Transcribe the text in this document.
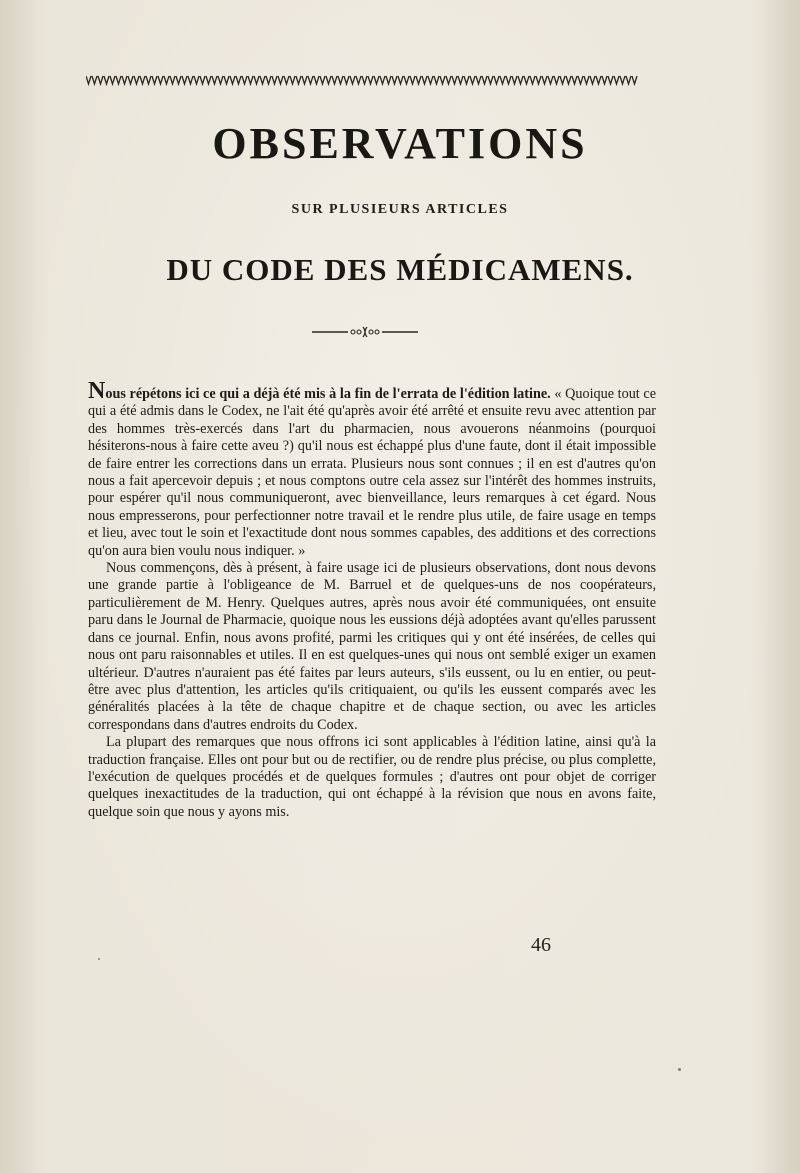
OBSERVATIONS
SUR PLUSIEURS ARTICLES
DU CODE DES MÉDICAMENS.

Nous répétons ici ce qui a déjà été mis à la fin de l'errata de l'édition latine. « Quoique tout ce qui a été admis dans le Codex, ne l'ait été qu'après avoir été arrêté et ensuite revu avec attention par des hommes très-exercés dans l'art du pharmacien, nous avouerons néanmoins (pourquoi hésiterons-nous à faire cette aveu ?) qu'il nous est échappé plus d'une faute, dont il était impossible de faire entrer les corrections dans un errata. Plusieurs nous sont connues ; il en est d'autres qu'on nous a fait apercevoir depuis ; et nous comptons outre cela assez sur l'intérêt des hommes instruits, pour espérer qu'il nous communiqueront, avec bienveillance, leurs remarques à cet égard. Nous nous empresserons, pour perfectionner notre travail et le rendre plus utile, de faire usage en temps et lieu, avec tout le soin et l'exactitude dont nous sommes capables, des additions et des corrections qu'on aura bien voulu nous indiquer. »

Nous commençons, dès à présent, à faire usage ici de plusieurs observations, dont nous devons une grande partie à l'obligeance de M. Barruel et de quelques-uns de nos coopérateurs, particulièrement de M. Henry. Quelques autres, après nous avoir été communiquées, ont ensuite paru dans le Journal de Pharmacie, quoique nous les eussions déjà adoptées avant qu'elles parussent dans ce journal. Enfin, nous avons profité, parmi les critiques qui y ont été insérées, de celles qui nous ont paru raisonnables et utiles. Il en est quelques-unes qui nous ont semblé exiger un examen ultérieur. D'autres n'auraient pas été faites par leurs auteurs, s'ils eussent, ou lu en entier, ou peut-être avec plus d'attention, les articles qu'ils critiquaient, ou qu'ils les eussent comparés avec les généralités placées à la tête de chaque chapitre et de chaque section, ou avec les articles correspondans dans d'autres endroits du Codex.

La plupart des remarques que nous offrons ici sont applicables à l'édition latine, ainsi qu'à la traduction française. Elles ont pour but ou de rectifier, ou de rendre plus précise, ou plus complette, l'exécution de quelques procédés et de quelques formules ; d'autres ont pour objet de corriger quelques inexactitudes de la traduction, qui ont échappé à la révision que nous en avons faite, quelque soin que nous y ayons mis.

46
